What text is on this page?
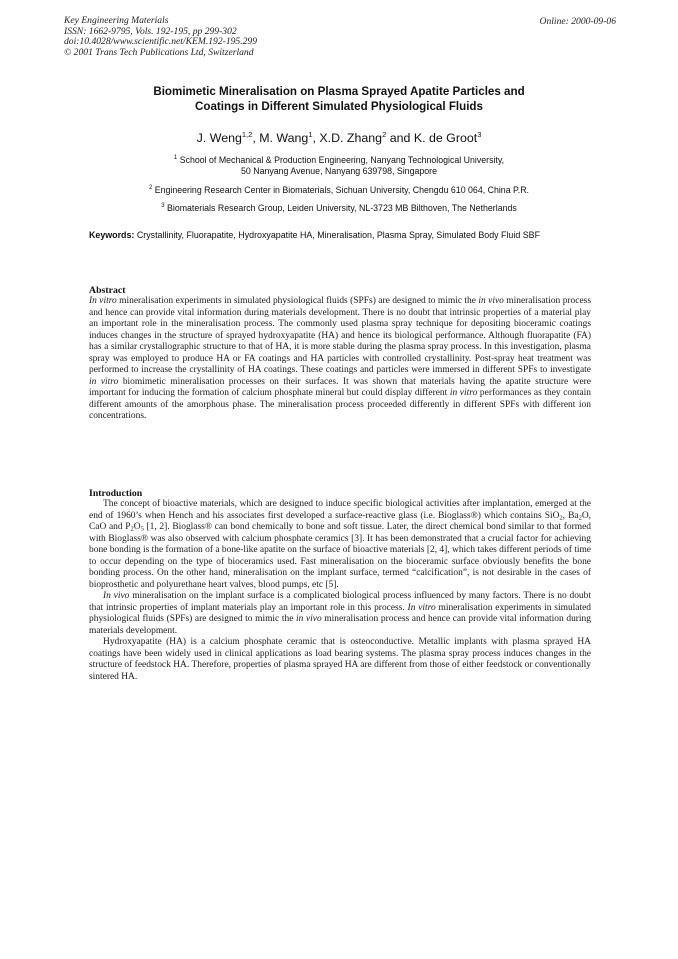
Key Engineering Materials
ISSN: 1662-9795, Vols. 192-195, pp 299-302
doi:10.4028/www.scientific.net/KEM.192-195.299
© 2001 Trans Tech Publications Ltd, Switzerland
Online: 2000-09-06
Biomimetic Mineralisation on Plasma Sprayed Apatite Particles and
Coatings in Different Simulated Physiological Fluids
J. Weng$^{1,2}$, M. Wang$^1$, X.D. Zhang$^2$ and K. de Groot$^3$
$^1$ School of Mechanical & Production Engineering, Nanyang Technological University,
50 Nanyang Avenue, Nanyang 639798, Singapore
$^2$ Engineering Research Center in Biomaterials, Sichuan University, Chengdu 610 064, China P.R.
$^3$ Biomaterials Research Group, Leiden University, NL-3723 MB Bilthoven, The Netherlands
Keywords: Crystallinity, Fluorapatite, Hydroxyapatite HA, Mineralisation, Plasma Spray, Simulated Body Fluid SBF
Abstract

In vitro mineralisation experiments in simulated physiological fluids (SPFs) are designed to mimic the in vivo mineralisation process and hence can provide vital information during materials development. There is no doubt that intrinsic properties of a material play an important role in the mineralisation process. The commonly used plasma spray technique for depositing bioceramic coatings induces changes in the structure of sprayed hydroxyapatite (HA) and hence its biological performance. Although fluorapatite (FA) has a similar crystallographic structure to that of HA, it is more stable during the plasma spray process. In this investigation, plasma spray was employed to produce HA or FA coatings and HA particles with controlled crystallinity. Post-spray heat treatment was performed to increase the crystallinity of HA coatings. These coatings and particles were immersed in different SPFs to investigate in vitro biomimetic mineralisation processes on their surfaces. It was shown that materials having the apatite structure were important for inducing the formation of calcium phosphate mineral but could display different in vitro performances as they contain different amounts of the amorphous phase. The mineralisation process proceeded differently in different SPFs with different ion concentrations.

Introduction

The concept of bioactive materials, which are designed to induce specific biological activities after implantation, emerged at the end of 1960’s when Hench and his associates first developed a surface-reactive glass (i.e. Bioglass®) which contains SiO$_2$, $Ba_2O$, CaO and $P_2O_5$ [1, 2]. Bioglass® can bond chemically to bone and soft tissue. Later, the direct chemical bond similar to that formed with Bioglass® was also observed with calcium phosphate ceramics [3]. It has been demonstrated that a crucial factor for achieving bone bonding is the formation of a bone-like apatite on the surface of bioactive materials [2, 4], which takes different periods of time to occur depending on the type of bioceramics used. Fast mineralisation on the bioceramic surface obviously benefits the bone bonding process. On the other hand, mineralisation on the implant surface, termed “calcification”, is not desirable in the cases of bioprosthetic and polyurethane heart valves, blood pumps, etc [5].

In vivo mineralisation on the implant surface is a complicated biological process influenced by many factors. There is no doubt that intrinsic properties of implant materials play an important role in this process. In vitro mineralisation experiments in simulated physiological fluids (SPFs) are designed to mimic the in vivo mineralisation process and hence can provide vital information during materials development.

Hydroxyapatite (HA) is a calcium phosphate ceramic that is osteoconductive. Metallic implants with plasma sprayed HA coatings have been widely used in clinical applications as load bearing systems. The plasma spray process induces changes in the structure of feedstock HA. Therefore, properties of plasma sprayed HA are different from those of either feedstock or conventionally sintered HA.
